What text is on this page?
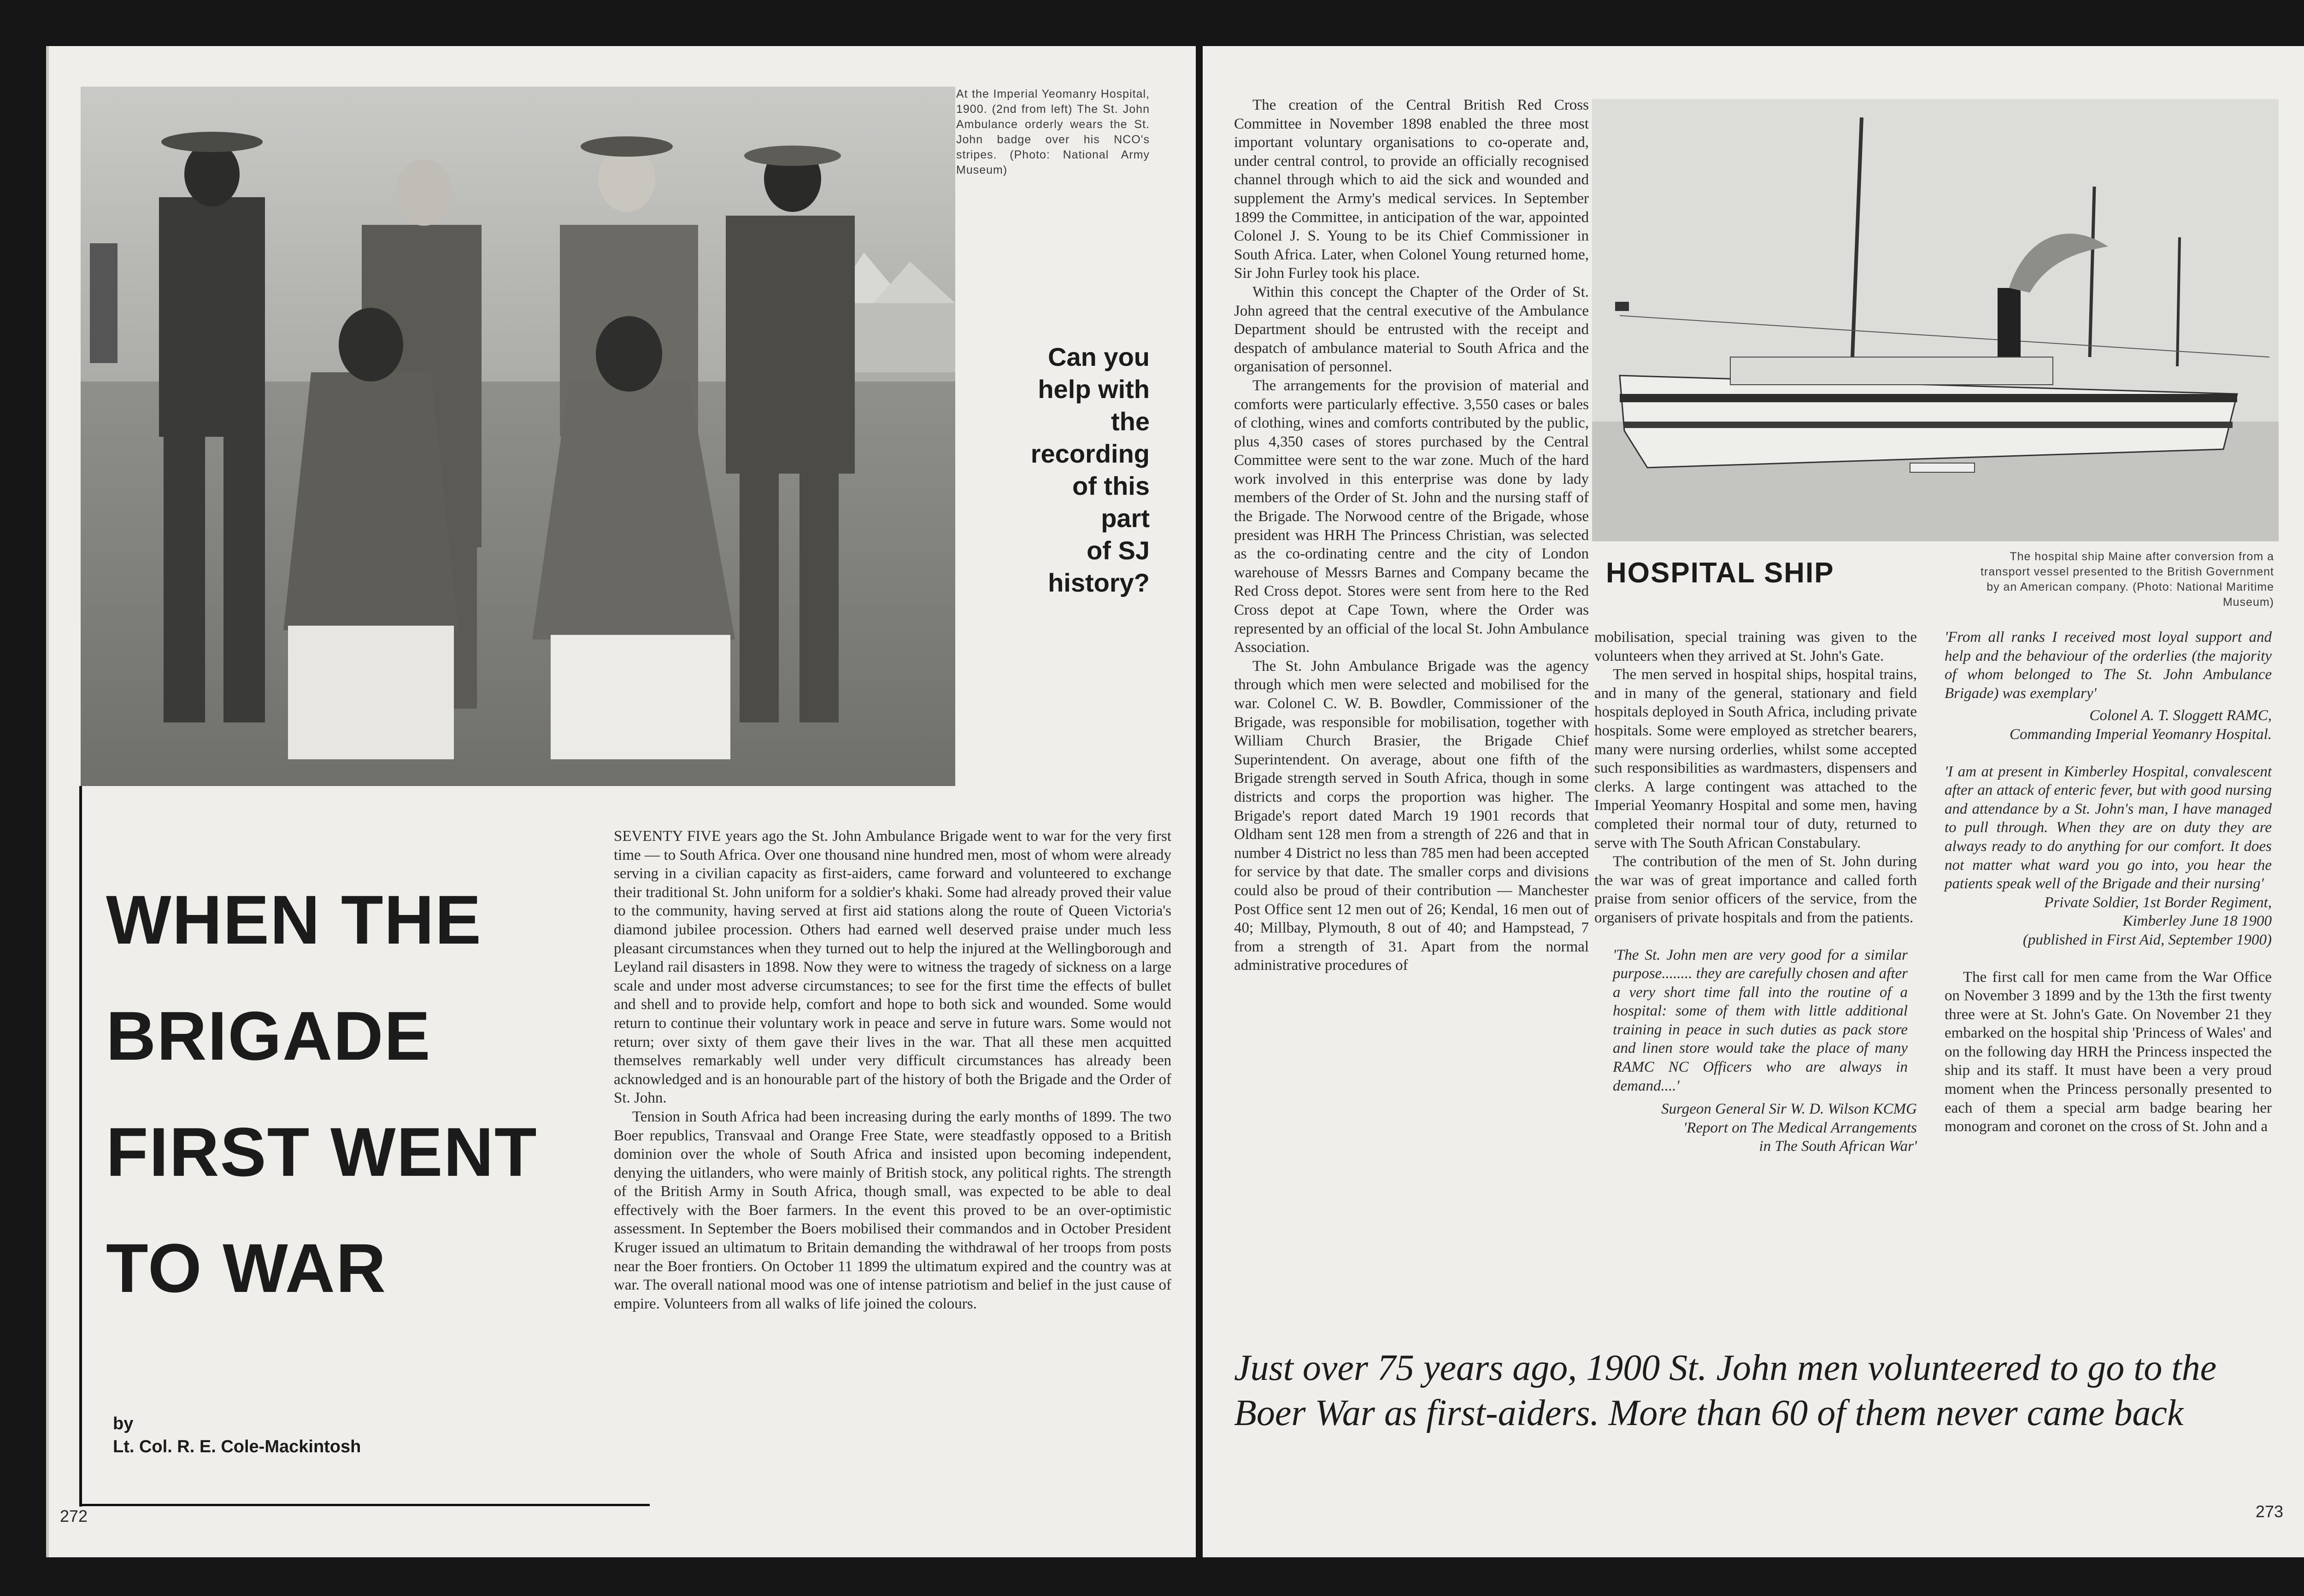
At the Imperial Yeomanry Hospital, 1900. (2nd from left) The St. John Ambulance orderly wears the St. John badge over his NCO's stripes. (Photo: National Army Museum)
Can you
help with
the
recording
of this
part
of SJ
history?
WHEN THE
BRIGADE
FIRST WENT
TO WAR
by
Lt. Col. R. E. Cole-Mackintosh

SEVENTY FIVE years ago the St. John Ambulance Brigade went to war for the very first time — to South Africa. Over one thousand nine hundred men, most of whom were already serving in a civilian capacity as first-aiders, came forward and volunteered to exchange their traditional St. John uniform for a soldier's khaki. Some had already proved their value to the community, having served at first aid stations along the route of Queen Victoria's diamond jubilee procession. Others had earned well deserved praise under much less pleasant circumstances when they turned out to help the injured at the Wellingborough and Leyland rail disasters in 1898. Now they were to witness the tragedy of sickness on a large scale and under most adverse circumstances; to see for the first time the effects of bullet and shell and to provide help, comfort and hope to both sick and wounded. Some would return to continue their voluntary work in peace and serve in future wars. Some would not return; over sixty of them gave their lives in the war. That all these men acquitted themselves remarkably well under very difficult circumstances has already been acknowledged and is an honourable part of the history of both the Brigade and the Order of St. John.

Tension in South Africa had been increasing during the early months of 1899. The two Boer republics, Transvaal and Orange Free State, were steadfastly opposed to a British dominion over the whole of South Africa and insisted upon becoming independent, denying the uitlanders, who were mainly of British stock, any political rights. The strength of the British Army in South Africa, though small, was expected to be able to deal effectively with the Boer farmers. In the event this proved to be an over-optimistic assessment. In September the Boers mobilised their commandos and in October President Kruger issued an ultimatum to Britain demanding the withdrawal of her troops from posts near the Boer frontiers. On October 11 1899 the ultimatum expired and the country was at war. The overall national mood was one of intense patriotism and belief in the just cause of empire. Volunteers from all walks of life joined the colours.

272

The creation of the Central British Red Cross Committee in November 1898 enabled the three most important voluntary organisations to co-operate and, under central control, to provide an officially recognised channel through which to aid the sick and wounded and supplement the Army's medical services. In September 1899 the Committee, in anticipation of the war, appointed Colonel J. S. Young to be its Chief Commissioner in South Africa. Later, when Colonel Young returned home, Sir John Furley took his place.

Within this concept the Chapter of the Order of St. John agreed that the central executive of the Ambulance Department should be entrusted with the receipt and despatch of ambulance material to South Africa and the organisation of personnel.

The arrangements for the provision of material and comforts were particularly effective. 3,550 cases or bales of clothing, wines and comforts contributed by the public, plus 4,350 cases of stores purchased by the Central Committee were sent to the war zone. Much of the hard work involved in this enterprise was done by lady members of the Order of St. John and the nursing staff of the Brigade. The Norwood centre of the Brigade, whose president was HRH The Princess Christian, was selected as the co-ordinating centre and the city of London warehouse of Messrs Barnes and Company became the Red Cross depot. Stores were sent from here to the Red Cross depot at Cape Town, where the Order was represented by an official of the local St. John Ambulance Association.

The St. John Ambulance Brigade was the agency through which men were selected and mobilised for the war. Colonel C. W. B. Bowdler, Commissioner of the Brigade, was responsible for mobilisation, together with William Church Brasier, the Brigade Chief Superintendent. On average, about one fifth of the Brigade strength served in South Africa, though in some districts and corps the proportion was higher. The Brigade's report dated March 19 1901 records that Oldham sent 128 men from a strength of 226 and that in number 4 District no less than 785 men had been accepted for service by that date. The smaller corps and divisions could also be proud of their contribution — Manchester Post Office sent 12 men out of 26; Kendal, 16 men out of 40; Millbay, Plymouth, 8 out of 40; and Hampstead, 7 from a strength of 31. Apart from the normal administrative procedures of

HOSPITAL SHIP
The hospital ship Maine after conversion from a transport vessel presented to the British Government by an American company. (Photo: National Maritime Museum)

mobilisation, special training was given to the volunteers when they arrived at St. John's Gate.

The men served in hospital ships, hospital trains, and in many of the general, stationary and field hospitals deployed in South Africa, including private hospitals. Some were employed as stretcher bearers, many were nursing orderlies, whilst some accepted such responsibilities as wardmasters, dispensers and clerks. A large contingent was attached to the Imperial Yeomanry Hospital and some men, having completed their normal tour of duty, returned to serve with The South African Constabulary.

The contribution of the men of St. John during the war was of great importance and called forth praise from senior officers of the service, from the organisers of private hospitals and from the patients.

'The St. John men are very good for a similar purpose........ they are carefully chosen and after a very short time fall into the routine of a hospital: some of them with little additional training in peace in such duties as pack store and linen store would take the place of many RAMC NC Officers who are always in demand....'

Surgeon General Sir W. D. Wilson KCMG
'Report on The Medical Arrangements
in The South African War'

'From all ranks I received most loyal support and help and the behaviour of the orderlies (the majority of whom belonged to The St. John Ambulance Brigade) was exemplary'

Colonel A. T. Sloggett RAMC,
Commanding Imperial Yeomanry Hospital.

'I am at present in Kimberley Hospital, convalescent after an attack of enteric fever, but with good nursing and attendance by a St. John's man, I have managed to pull through. When they are on duty they are always ready to do anything for our comfort. It does not matter what ward you go into, you hear the patients speak well of the Brigade and their nursing'

Private Soldier, 1st Border Regiment,
Kimberley June 18 1900
(published in First Aid, September 1900)

The first call for men came from the War Office on November 3 1899 and by the 13th the first twenty three were at St. John's Gate. On November 21 they embarked on the hospital ship 'Princess of Wales' and on the following day HRH the Princess inspected the ship and its staff. It must have been a very proud moment when the Princess personally presented to each of them a special arm badge bearing her monogram and coronet on the cross of St. John and a

Just over 75 years ago, 1900 St. John men volunteered to go to the Boer War as first-aiders. More than 60 of them never came back
273
